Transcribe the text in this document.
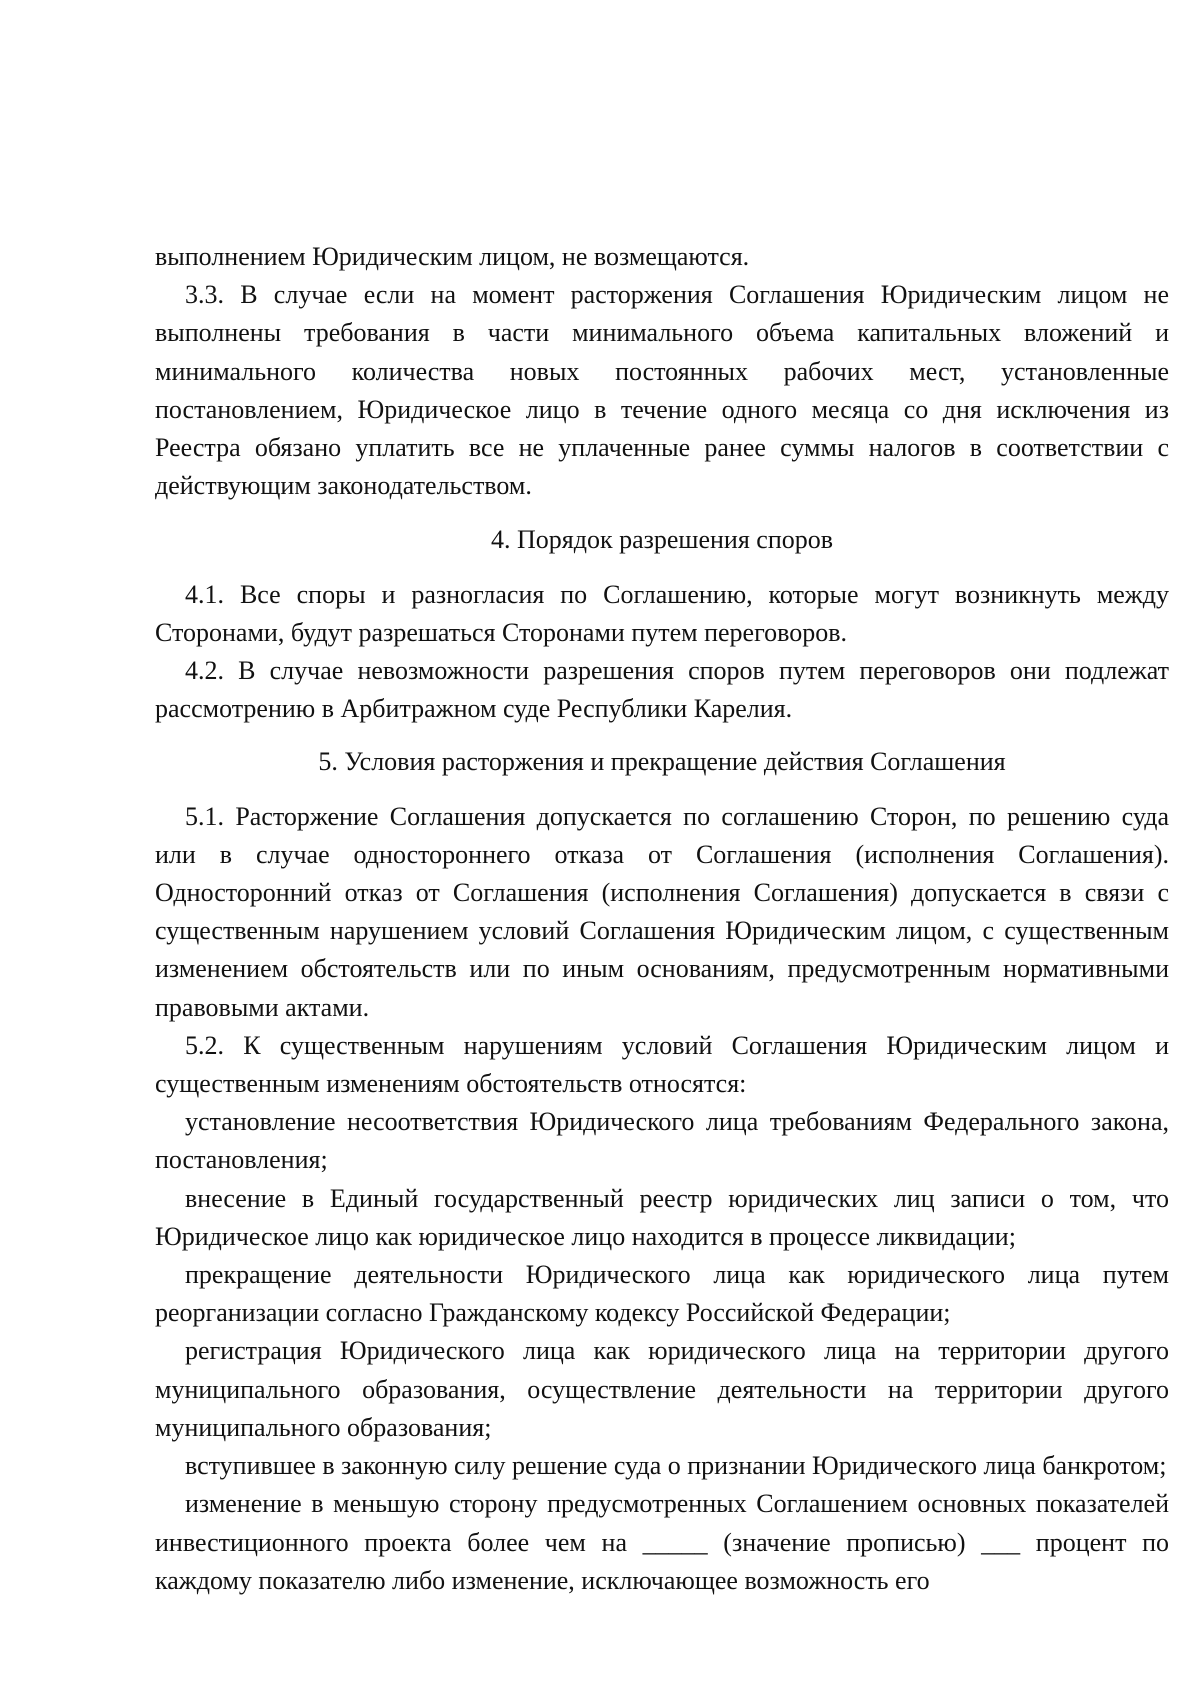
выполнением Юридическим лицом, не возмещаются.

3.3. В случае если на момент расторжения Соглашения Юридическим лицом не выполнены требования в части минимального объема капитальных вложений и минимального количества новых постоянных рабочих мест, установленные постановлением, Юридическое лицо в течение одного месяца со дня исключения из Реестра обязано уплатить все не уплаченные ранее суммы налогов в соответствии с действующим законодательством.

4. Порядок разрешения споров

4.1. Все споры и разногласия по Соглашению, которые могут возникнуть между Сторонами, будут разрешаться Сторонами путем переговоров.

4.2. В случае невозможности разрешения споров путем переговоров они подлежат рассмотрению в Арбитражном суде Республики Карелия.

5. Условия расторжения и прекращение действия Соглашения

5.1. Расторжение Соглашения допускается по соглашению Сторон, по решению суда или в случае одностороннего отказа от Соглашения (исполнения Соглашения). Односторонний отказ от Соглашения (исполнения Соглашения) допускается в связи с существенным нарушением условий Соглашения Юридическим лицом, с существенным изменением обстоятельств или по иным основаниям, предусмотренным нормативными правовыми актами.

5.2. К существенным нарушениям условий Соглашения Юридическим лицом и существенным изменениям обстоятельств относятся:

установление несоответствия Юридического лица требованиям Федерального закона, постановления;

внесение в Единый государственный реестр юридических лиц записи о том, что Юридическое лицо как юридическое лицо находится в процессе ликвидации;

прекращение деятельности Юридического лица как юридического лица путем реорганизации согласно Гражданскому кодексу Российской Федерации;

регистрация Юридического лица как юридического лица на территории другого муниципального образования, осуществление деятельности на территории другого муниципального образования;

вступившее в законную силу решение суда о признании Юридического лица банкротом;

изменение в меньшую сторону предусмотренных Соглашением основных показателей инвестиционного проекта более чем на _____ (значение прописью) ___ процент по каждому показателю либо изменение, исключающее возможность его
